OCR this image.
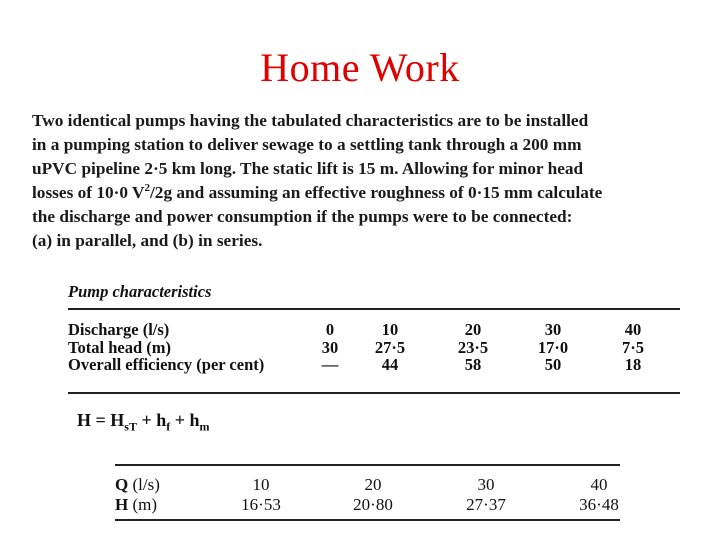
Home Work
Two identical pumps having the tabulated characteristics are to be installed
in a pumping station to deliver sewage to a settling tank through a 200 mm
uPVC pipeline 2·5 km long. The static lift is 15 m. Allowing for minor head
losses of 10·0 $V^2/2g$ and assuming an effective roughness of 0·15 mm calculate
the discharge and power consumption if the pumps were to be connected:
(a) in parallel, and (b) in series.
Pump characteristics
Discharge (l/s)	0	10	20	30	40
Total head (m)	30	27·5	23·5	17·0	7·5
Overall efficiency (per cent)	—	44	58	50	18
$H = H_{sT} + h_f + h_m$
Q (l/s)	10	20	30	40
H (m)	16·53	20·80	27·37	36·48
